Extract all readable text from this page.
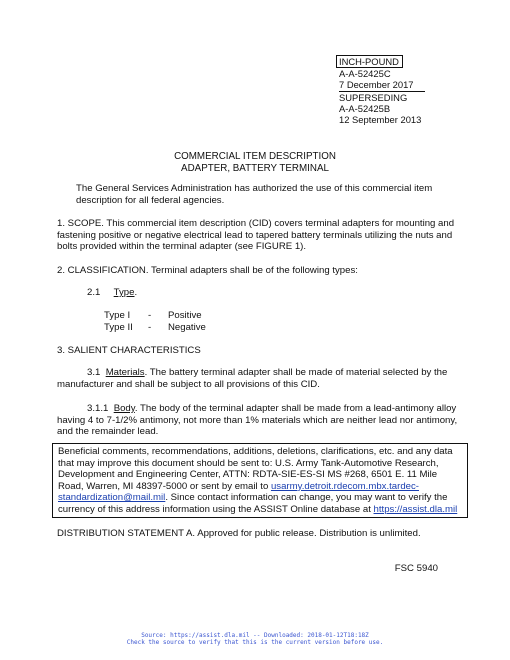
INCH-POUND
A-A-52425C
7 December 2017
SUPERSEDING
A-A-52425B
12 September 2013
COMMERCIAL ITEM DESCRIPTION
ADAPTER, BATTERY TERMINAL
The General Services Administration has authorized the use of this commercial item description for all federal agencies.
1. SCOPE. This commercial item description (CID) covers terminal adapters for mounting and fastening positive or negative electrical lead to tapered battery terminals utilizing the nuts and bolts provided within the terminal adapter (see FIGURE 1).
2. CLASSIFICATION. Terminal adapters shall be of the following types:
2.1 Type.
Type I - Positive
Type II - Negative
3. SALIENT CHARACTERISTICS
3.1 Materials. The battery terminal adapter shall be made of material selected by the manufacturer and shall be subject to all provisions of this CID.
3.1.1 Body. The body of the terminal adapter shall be made from a lead-antimony alloy having 4 to 7-1/2% antimony, not more than 1% materials which are neither lead nor antimony, and the remainder lead.
Beneficial comments, recommendations, additions, deletions, clarifications, etc. and any data that may improve this document should be sent to: U.S. Army Tank-Automotive Research, Development and Engineering Center, ATTN: RDTA-SIE-ES-SI MS #268, 6501 E. 11 Mile Road, Warren, MI 48397-5000 or sent by email to usarmy.detroit.rdecom.mbx.tardec-standardization@mail.mil. Since contact information can change, you may want to verify the currency of this address information using the ASSIST Online database at https://assist.dla.mil
DISTRIBUTION STATEMENT A. Approved for public release. Distribution is unlimited.
FSC 5940
Source: https://assist.dla.mil -- Downloaded: 2018-01-12T18:18Z
Check the source to verify that this is the current version before use.
